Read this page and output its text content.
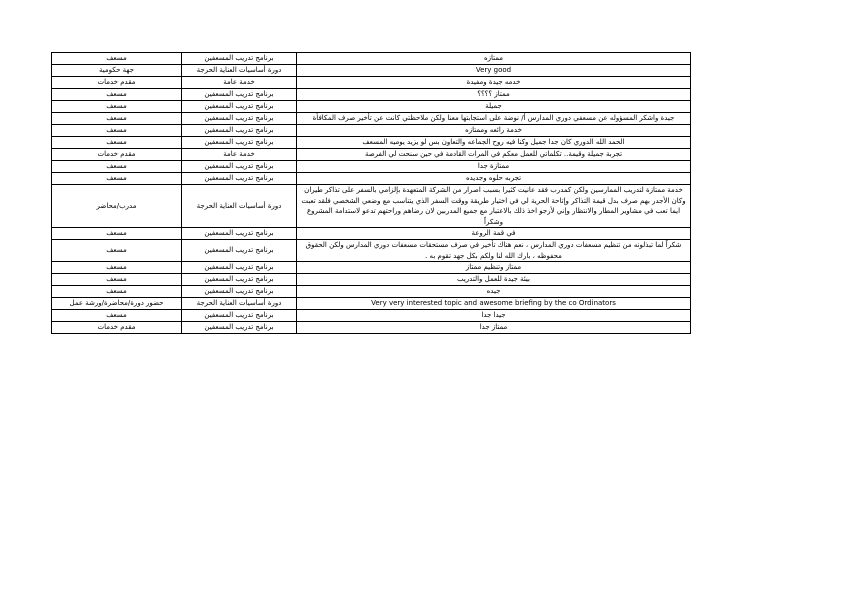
ممتازه	برنامج تدريب المسعفين	مسعف
Very good	دورة أساسيات العناية الحرجة	جهة حكومية
خدمه جيدة ومفيدة	خدمة عامة	مقدم خدمات
ممتاز ؟؟؟؟	برنامج تدريب المسعفين	مسعف
جميلة	برنامج تدريب المسعفين	مسعف
جيدة واشكر المسؤوله عن مسعفي دوري المدارس أ/ نوضة على استجابتها معنا ولكن ملاحظتي كانت عن تأخير صرف المكافأة	برنامج تدريب المسعفين	مسعف
خدمة رائعه وممتازه	برنامج تدريب المسعفين	مسعف
الحمد الله الدوري كان جدا جميل وكنا فيه روح الجماعه والتعاون بس لو يزيد يوميه المسعف	برنامج تدريب المسعفين	مسعف
تجربة جميلة وقيمة.. تكلماتي للعمل معكم في المرات القادمة في حين سنحت لي الفرصة	خدمة عامة	مقدم خدمات
ممتازة جدا	برنامج تدريب المسعفين	مسعف
تجربه حلوه وجديده	برنامج تدريب المسعفين	مسعف
خدمة ممتازة لتدريب الممارسين ولكن كمدرب فقد عانيت كثيرا بسبب اصرار من الشركة المتعهدة بإلزامي بالسفر على تذاكر طيران وكان الأجدر بهم صرف بدل قيمة التذاكر وإتاحة الحرية لي في اختيار طريقة ووقت السفر الذي يتناسب مع وضعي الشخصي فلقد تعبت ايما تعب في مشاوير المطار والانتظار وإني لأرجو اخذ ذلك بالاعتبار مع جميع المدربين لان رضاهم وراحتهم تدعو لاستدامة المشروع وشكراً	دورة أساسيات العناية الحرجة	مدرب/محاضر
في قمة الروعة	برنامج تدريب المسعفين	مسعف
شكراً لما تبذلونه من تنظيم مسعفات دوري المدارس ، نعم هناك تأخير في صرف مستحقات مسعفات دوري المدارس ولكن الحقوق محفوظه ، بارك الله لنا ولكم بكل جهد تقوم به .	برنامج تدريب المسعفين	مسعف
ممتاز وتنظيم ممتاز	برنامج تدريب المسعفين	مسعف
بيئة جيدة للعمل والتدريب	برنامج تدريب المسعفين	مسعف
جيده	برنامج تدريب المسعفين	مسعف
Very very interested topic and awesome briefing by the co Ordinators	دورة أساسيات العناية الحرجة	حضور دورة/محاضرة/ورشة عمل
جيدا جدا	برنامج تدريب المسعفين	مسعف
ممتاز جدا	برنامج تدريب المسعفين	مقدم خدمات
